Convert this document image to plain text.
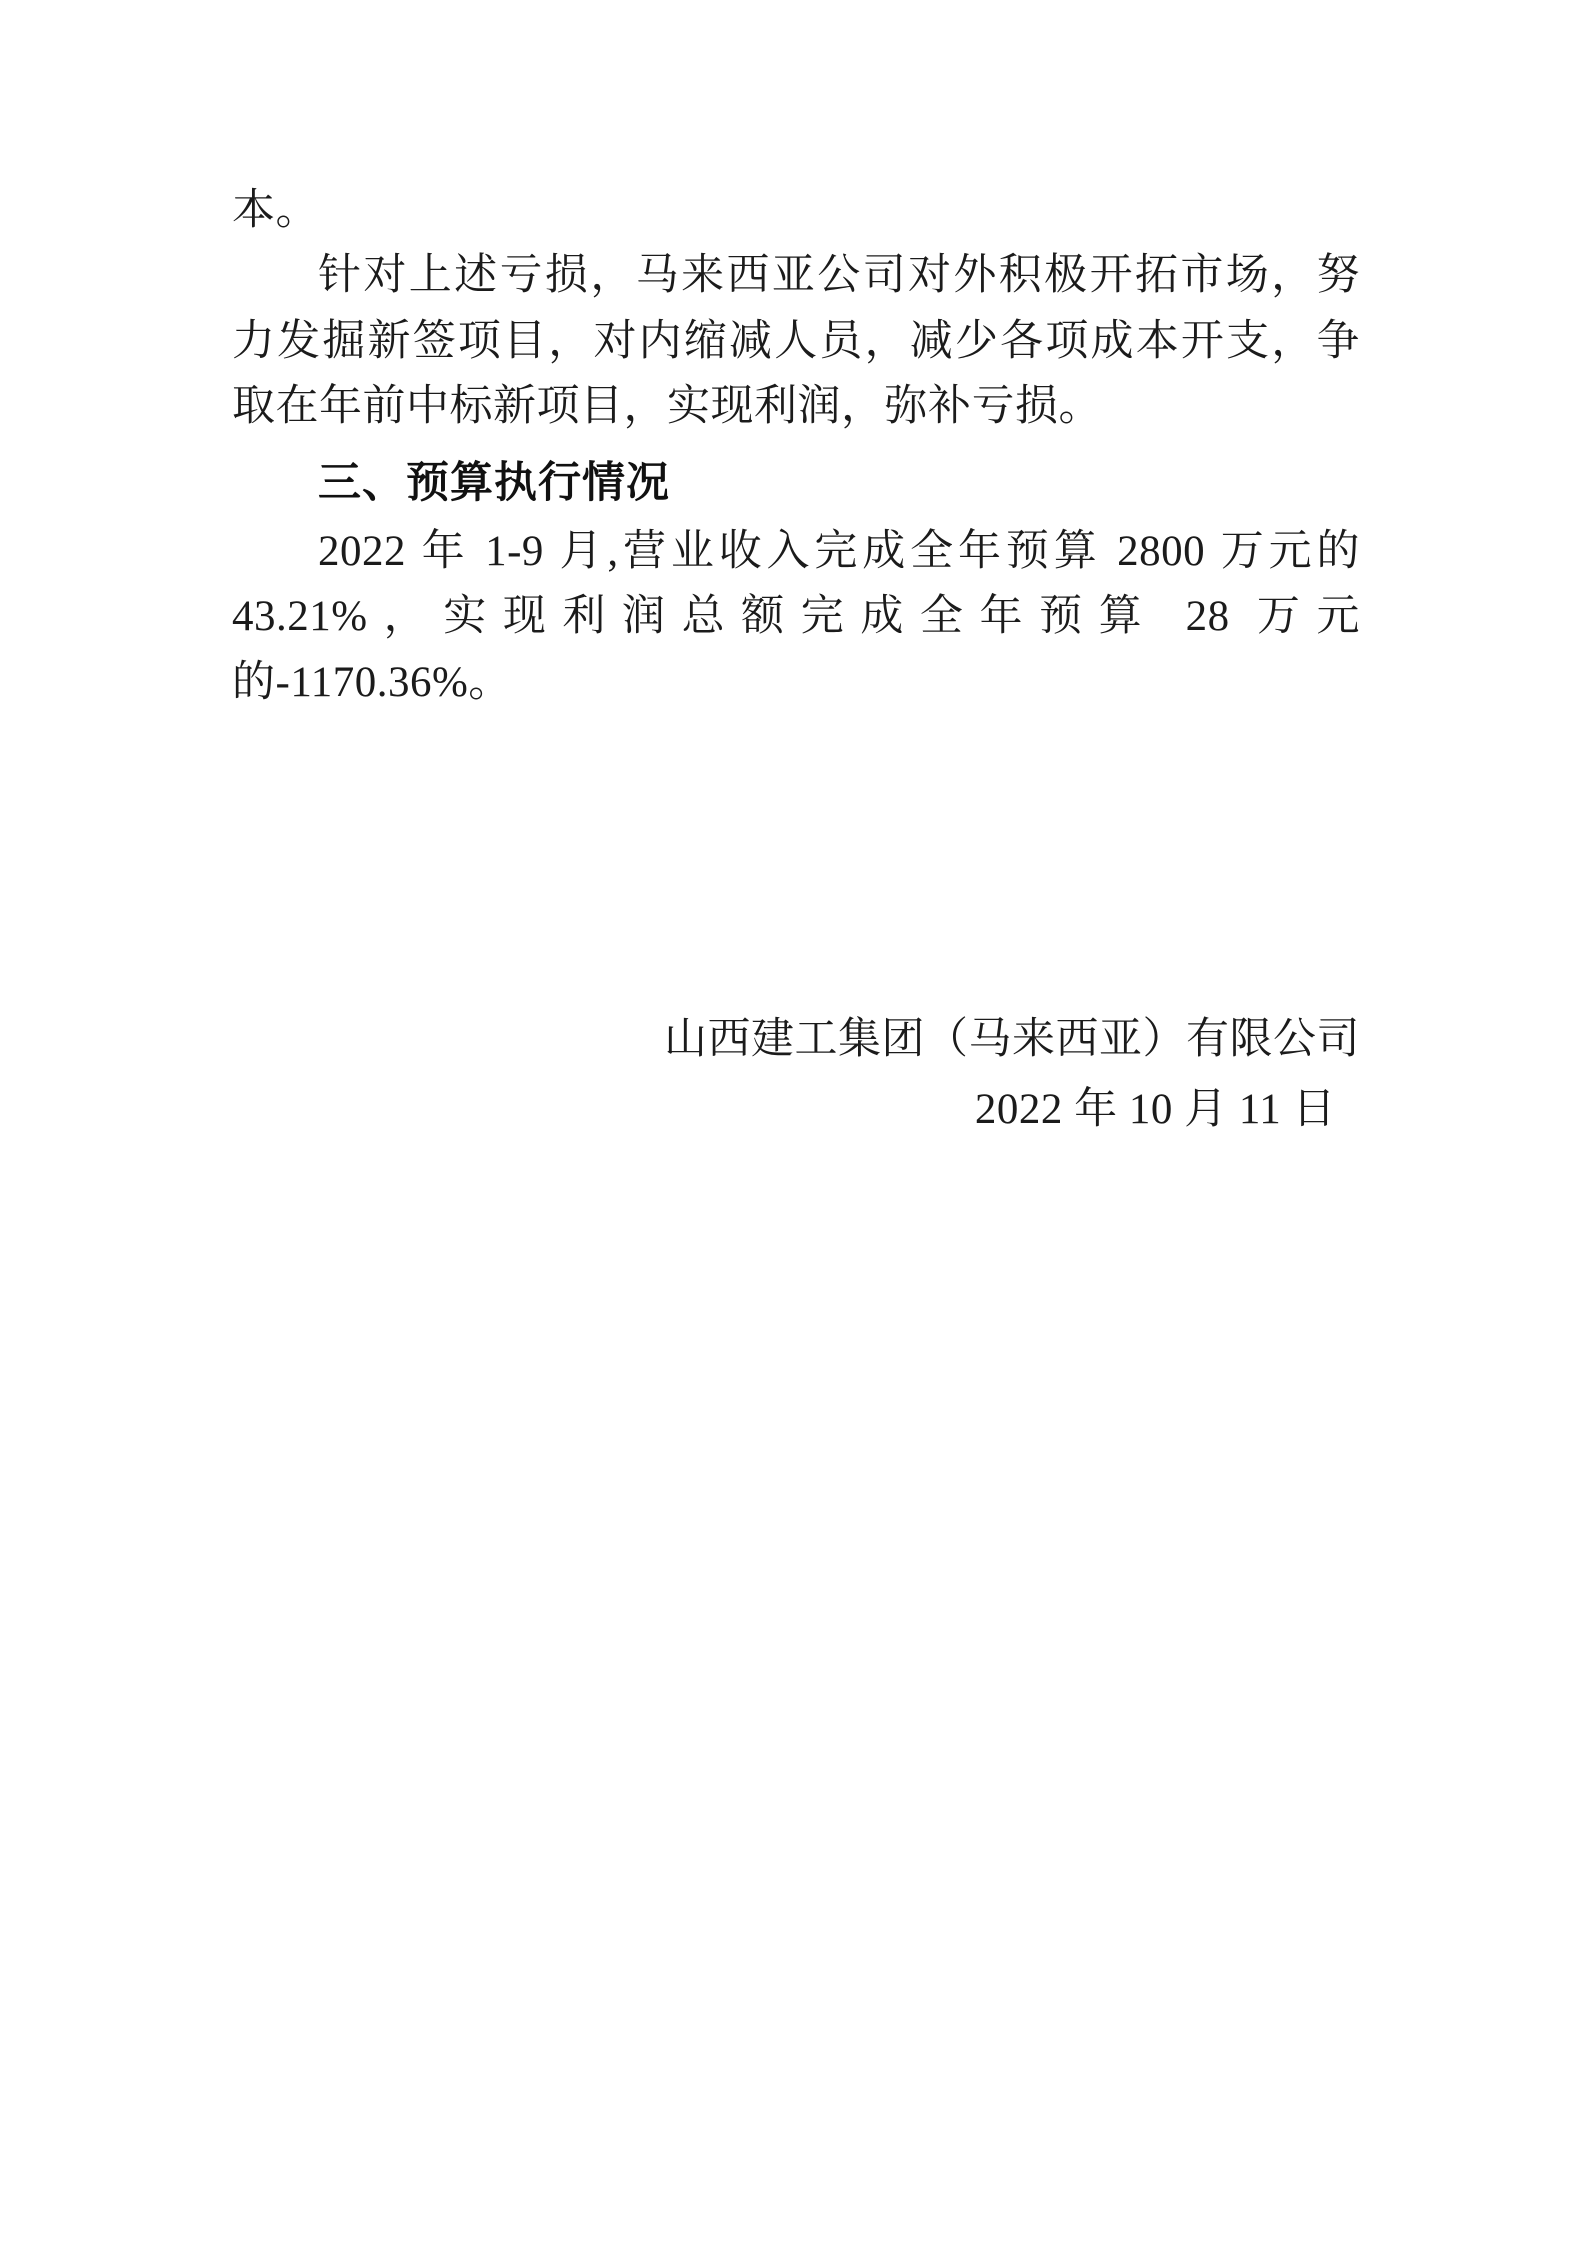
本。

针对上述亏损，马来西亚公司对外积极开拓市场，努力发掘新签项目，对内缩减人员，减少各项成本开支，争取在年前中标新项目，实现利润，弥补亏损。

三、预算执行情况

2022 年 1-9 月,营业收入完成全年预算 2800 万元的 43.21%，实现利润总额完成全年预算 28 万元的-1170.36%。

山西建工集团（马来西亚）有限公司
2022 年 10 月 11 日
